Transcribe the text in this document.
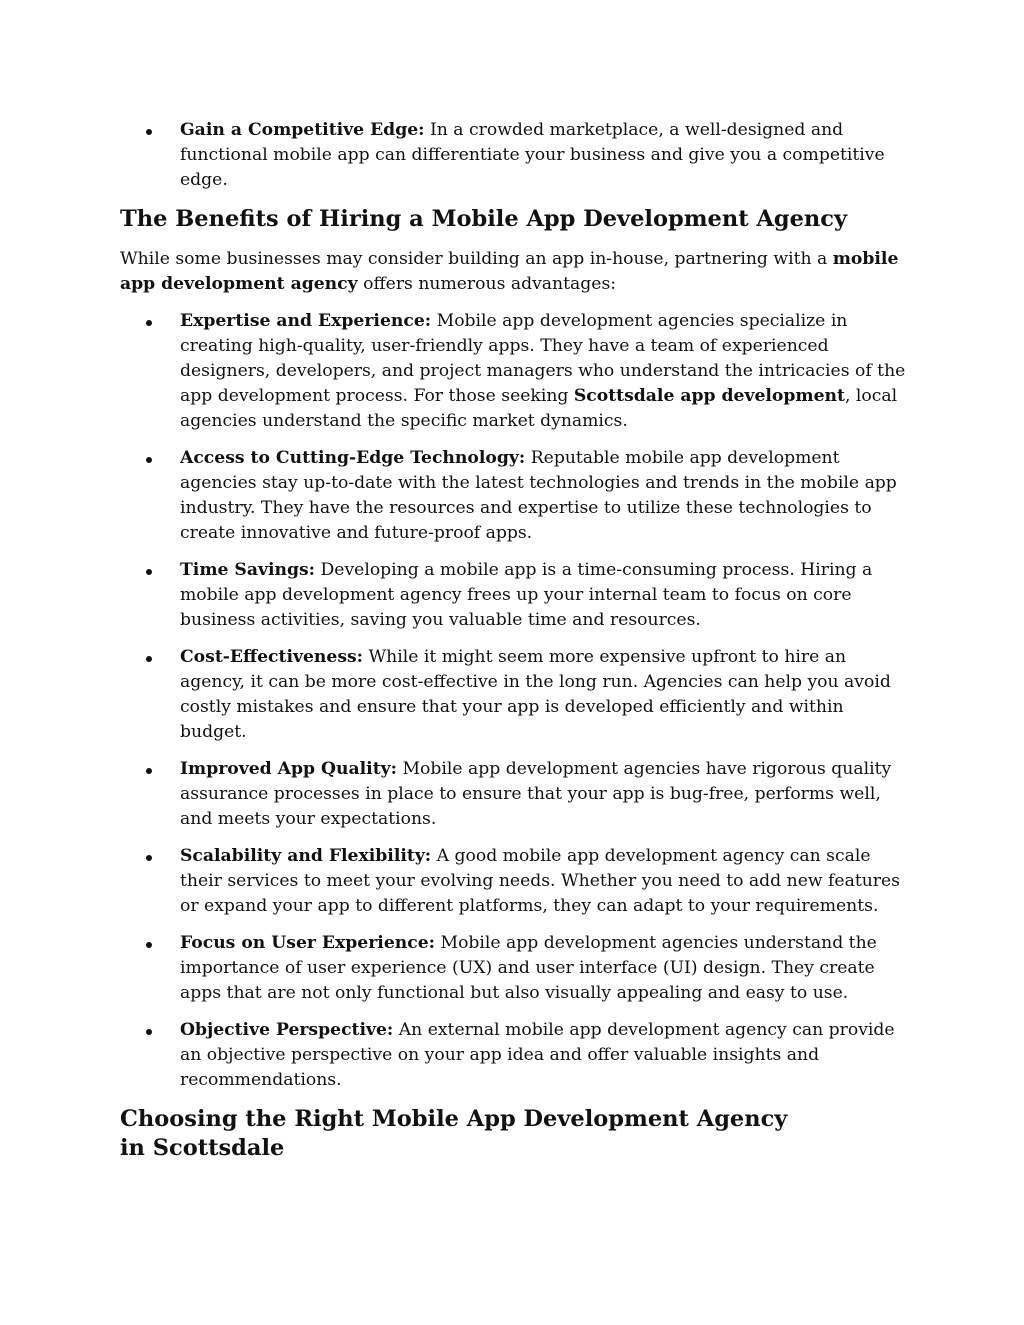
Gain a Competitive Edge: In a crowded marketplace, a well-designed and functional mobile app can differentiate your business and give you a competitive edge.
The Benefits of Hiring a Mobile App Development Agency

While some businesses may consider building an app in-house, partnering with a mobile app development agency offers numerous advantages:

Expertise and Experience: Mobile app development agencies specialize in creating high-quality, user-friendly apps. They have a team of experienced designers, developers, and project managers who understand the intricacies of the app development process. For those seeking Scottsdale app development, local agencies understand the specific market dynamics.
Access to Cutting-Edge Technology: Reputable mobile app development agencies stay up-to-date with the latest technologies and trends in the mobile app industry. They have the resources and expertise to utilize these technologies to create innovative and future-proof apps.
Time Savings: Developing a mobile app is a time-consuming process. Hiring a mobile app development agency frees up your internal team to focus on core business activities, saving you valuable time and resources.
Cost-Effectiveness: While it might seem more expensive upfront to hire an agency, it can be more cost-effective in the long run. Agencies can help you avoid costly mistakes and ensure that your app is developed efficiently and within budget.
Improved App Quality: Mobile app development agencies have rigorous quality assurance processes in place to ensure that your app is bug-free, performs well, and meets your expectations.
Scalability and Flexibility: A good mobile app development agency can scale their services to meet your evolving needs. Whether you need to add new features or expand your app to different platforms, they can adapt to your requirements.
Focus on User Experience: Mobile app development agencies understand the importance of user experience (UX) and user interface (UI) design. They create apps that are not only functional but also visually appealing and easy to use.
Objective Perspective: An external mobile app development agency can provide an objective perspective on your app idea and offer valuable insights and recommendations.
Choosing the Right Mobile App Development Agency in Scottsdale
